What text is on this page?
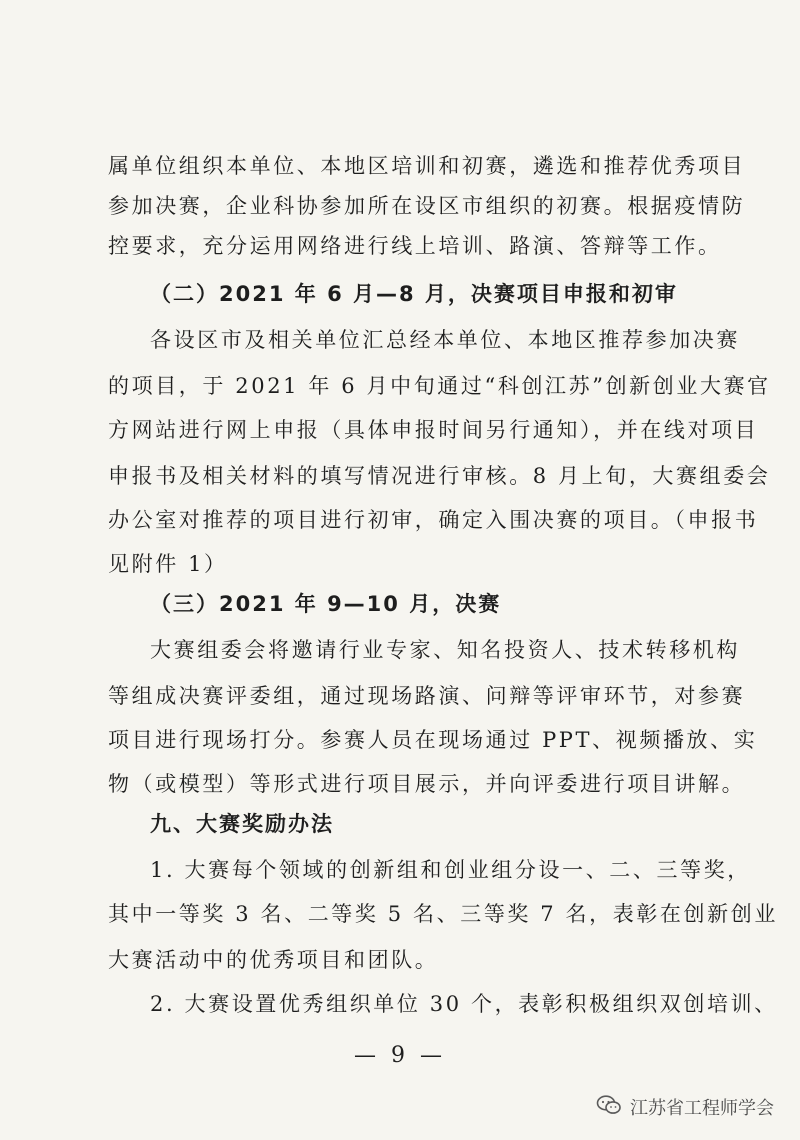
属单位组织本单位、本地区培训和初赛，遴选和推荐优秀项目
参加决赛，企业科协参加所在设区市组织的初赛。根据疫情防
控要求，充分运用网络进行线上培训、路演、答辩等工作。
（二）2021 年 6 月—8 月，决赛项目申报和初审
各设区市及相关单位汇总经本单位、本地区推荐参加决赛
的项目，于 2021 年 6 月中旬通过“科创江苏”创新创业大赛官
方网站进行网上申报（具体申报时间另行通知），并在线对项目
申报书及相关材料的填写情况进行审核。8 月上旬，大赛组委会
办公室对推荐的项目进行初审，确定入围决赛的项目。（申报书
见附件 1）
（三）2021 年 9—10 月，决赛
大赛组委会将邀请行业专家、知名投资人、技术转移机构
等组成决赛评委组，通过现场路演、问辩等评审环节，对参赛
项目进行现场打分。参赛人员在现场通过 PPT、视频播放、实
物（或模型）等形式进行项目展示，并向评委进行项目讲解。
九、大赛奖励办法
1. 大赛每个领域的创新组和创业组分设一、二、三等奖，
其中一等奖 3 名、二等奖 5 名、三等奖 7 名，表彰在创新创业
大赛活动中的优秀项目和团队。
2. 大赛设置优秀组织单位 30 个，表彰积极组织双创培训、
— 9 —
江苏省工程师学会
